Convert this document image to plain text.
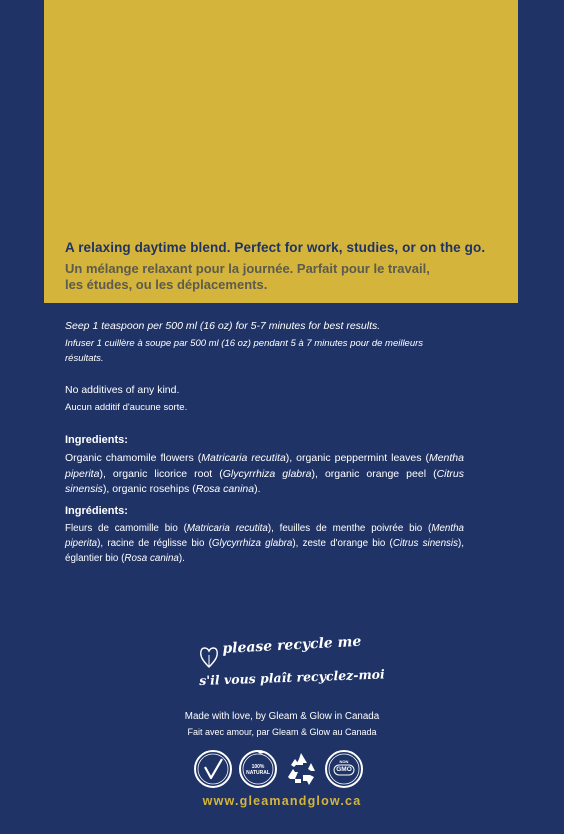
A relaxing daytime blend. Perfect for work, studies, or on the go.
Un mélange relaxant pour la journée. Parfait pour le travail,
les études, ou les déplacements.
Seep 1 teaspoon per 500 ml (16 oz) for 5-7 minutes for best results.
Infuser 1 cuillère à soupe par 500 ml (16 oz) pendant 5 à 7 minutes pour de meilleurs résultats.
No additives of any kind.
Aucun additif d'aucune sorte.
Ingredients:
Organic chamomile flowers (Matricaria recutita), organic peppermint leaves (Mentha piperita), organic licorice root (Glycyrrhiza glabra), organic orange peel (Citrus sinensis), organic rosehips (Rosa canina).
Ingrédients:
Fleurs de camomille bio (Matricaria recutita), feuilles de menthe poivrée bio (Mentha piperita), racine de réglisse bio (Glycyrrhiza glabra), zeste d'orange bio (Citrus sinensis), églantier bio (Rosa canina).
please recycle me
s'il vous plaît recyclez-moi
Made with love, by Gleam & Glow in Canada
Fait avec amour, par Gleam & Glow au Canada
100%
NATURAL
NON
GMO
www.gleamandglow.ca
